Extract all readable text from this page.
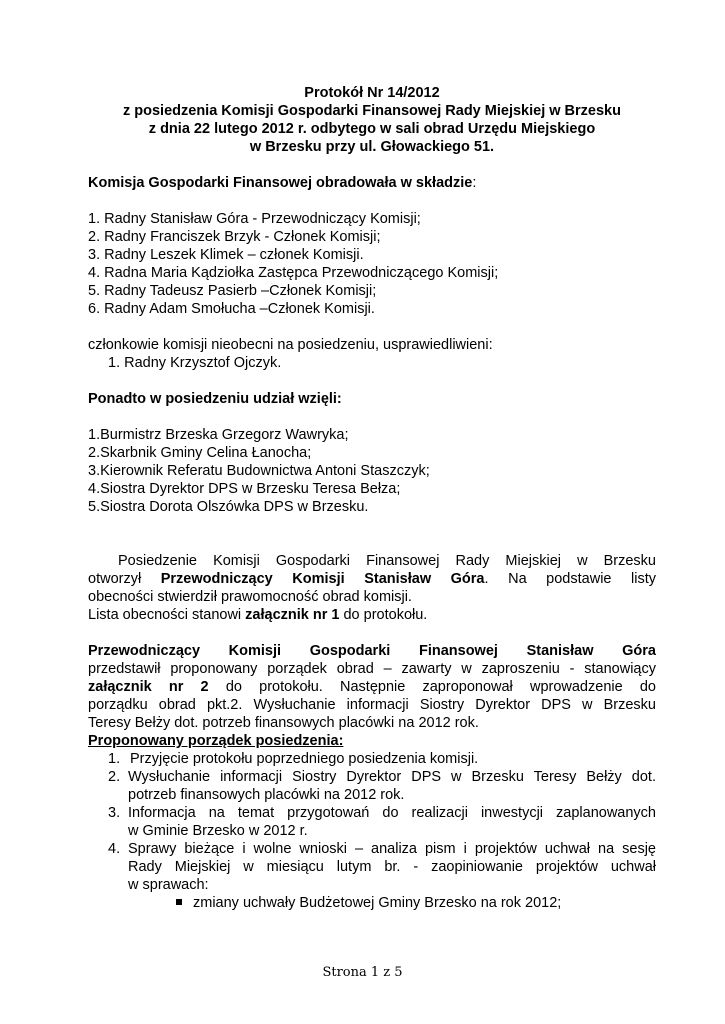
Protokół Nr 14/2012
z posiedzenia Komisji Gospodarki Finansowej Rady Miejskiej w Brzesku
z dnia 22 lutego 2012 r. odbytego w sali obrad Urzędu Miejskiego
w Brzesku przy ul. Głowackiego 51.
Komisja Gospodarki Finansowej obradowała w składzie:
1. Radny Stanisław Góra - Przewodniczący Komisji;
2. Radny Franciszek Brzyk - Członek Komisji;
3. Radny Leszek Klimek – członek Komisji.
4. Radna Maria Kądziołka Zastępca Przewodniczącego Komisji;
5. Radny Tadeusz Pasierb –Członek Komisji;
6. Radny Adam Smołucha –Członek Komisji.
członkowie komisji nieobecni na posiedzeniu, usprawiedliwieni:
1. Radny Krzysztof Ojczyk.
Ponadto w posiedzeniu udział wzięli:
1.Burmistrz Brzeska Grzegorz Wawryka;
2.Skarbnik Gminy Celina Łanocha;
3.Kierownik Referatu Budownictwa Antoni Staszczyk;
4.Siostra Dyrektor DPS w Brzesku Teresa Bełza;
5.Siostra Dorota Olszówka DPS w Brzesku.
Posiedzenie Komisji Gospodarki Finansowej Rady Miejskiej w Brzesku
otworzył Przewodniczący Komisji Stanisław Góra. Na podstawie listy
obecności stwierdził prawomocność obrad komisji.
Lista obecności stanowi załącznik nr 1 do protokołu.
Przewodniczący Komisji Gospodarki Finansowej Stanisław Góra
przedstawił proponowany porządek obrad – zawarty w zaproszeniu - stanowiący
załącznik nr 2 do protokołu. Następnie zaproponował wprowadzenie do
porządku obrad pkt.2. Wysłuchanie informacji Siostry Dyrektor DPS w Brzesku
Teresy Bełży dot. potrzeb finansowych placówki na 2012 rok.
Proponowany porządek posiedzenia:
1. Przyjęcie protokołu poprzedniego posiedzenia komisji.
2. Wysłuchanie informacji Siostry Dyrektor DPS w Brzesku Teresy Bełży dot.
potrzeb finansowych placówki na 2012 rok.
3. Informacja na temat przygotowań do realizacji inwestycji zaplanowanych
w Gminie Brzesko w 2012 r.
4. Sprawy bieżące i wolne wnioski – analiza pism i projektów uchwał na sesję
Rady Miejskiej w miesiącu lutym br. - zaopiniowanie projektów uchwał
w sprawach:
zmiany uchwały Budżetowej Gminy Brzesko na rok 2012;
Strona 1 z 5
